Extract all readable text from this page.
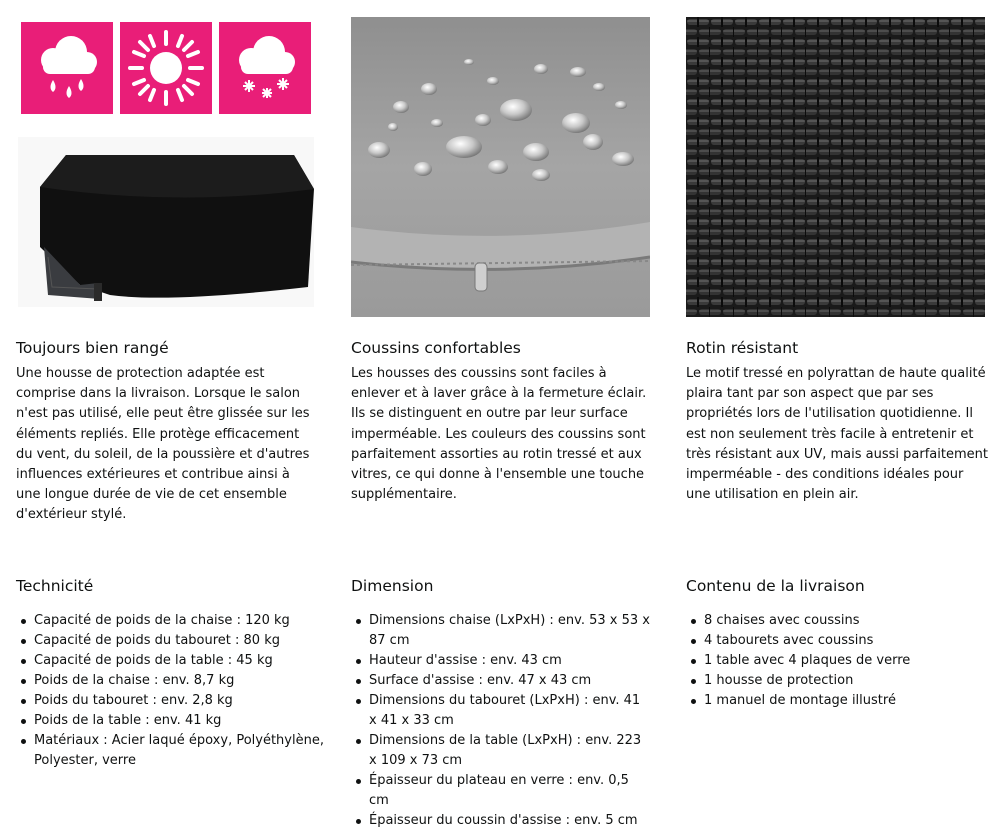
Toujours bien rangé

Une housse de protection adaptée est comprise dans la livraison. Lorsque le salon n'est pas utilisé, elle peut être glissée sur les éléments repliés. Elle protège efficacement du vent, du soleil, de la poussière et d'autres influences extérieures et contribue ainsi à une longue durée de vie de cet ensemble d'extérieur stylé.

Coussins confortables

Les housses des coussins sont faciles à enlever et à laver grâce à la fermeture éclair. Ils se distinguent en outre par leur surface imperméable. Les couleurs des coussins sont parfaitement assorties au rotin tressé et aux vitres, ce qui donne à l'ensemble une touche supplémentaire.

Rotin résistant

Le motif tressé en polyrattan de haute qualité plaira tant par son aspect que par ses propriétés lors de l'utilisation quotidienne. Il est non seulement très facile à entretenir et très résistant aux UV, mais aussi parfaitement imperméable - des conditions idéales pour une utilisation en plein air.

Technicité
Capacité de poids de la chaise : 120 kg
Capacité de poids du tabouret : 80 kg
Capacité de poids de la table : 45 kg
Poids de la chaise : env. 8,7 kg
Poids du tabouret : env. 2,8 kg
Poids de la table : env. 41 kg
Matériaux : Acier laqué époxy, Polyéthylène, Polyester, verre
Dimension
Dimensions chaise (LxPxH) : env. 53 x 53 x 87 cm
Hauteur d'assise : env. 43 cm
Surface d'assise : env. 47 x 43 cm
Dimensions du tabouret (LxPxH) : env. 41 x 41 x 33 cm
Dimensions de la table (LxPxH) : env. 223 x 109 x 73 cm
Épaisseur du plateau en verre : env. 0,5 cm
Épaisseur du coussin d'assise : env. 5 cm
Contenu de la livraison
8 chaises avec coussins
4 tabourets avec coussins
1 table avec 4 plaques de verre
1 housse de protection
1 manuel de montage illustré
